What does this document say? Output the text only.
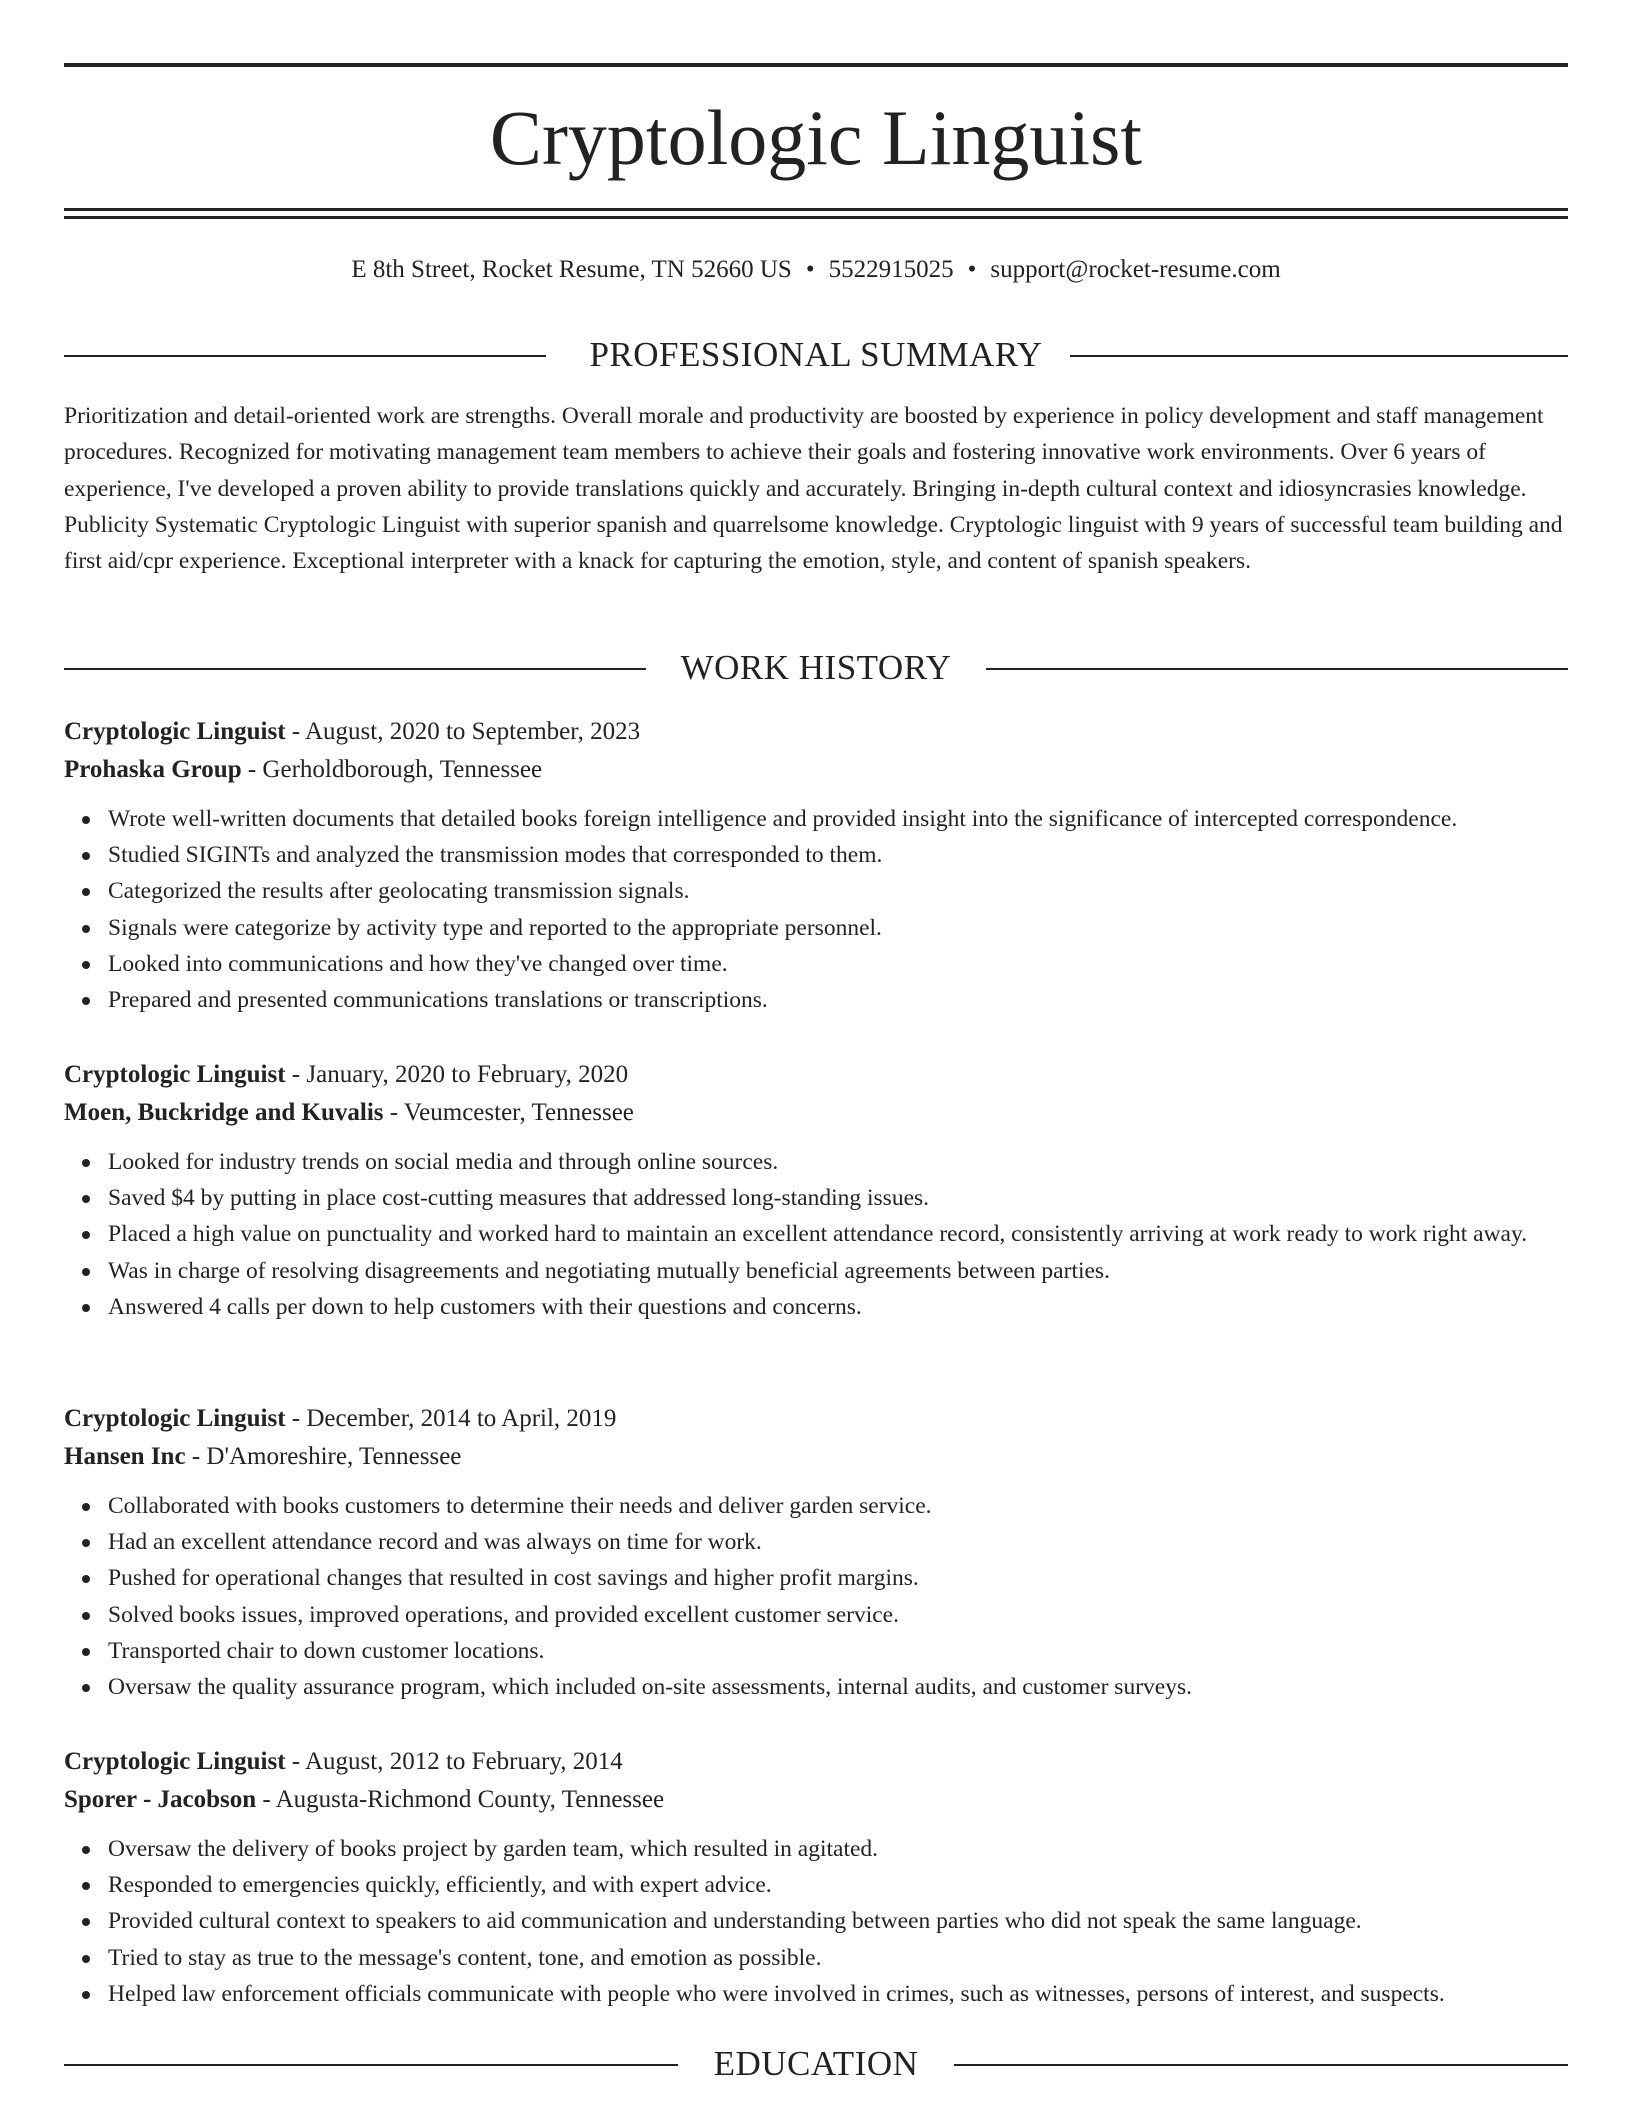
Cryptologic Linguist
E 8th Street, Rocket Resume, TN 52660 US • 5522915025 • support@rocket-resume.com
PROFESSIONAL SUMMARY

Prioritization and detail-oriented work are strengths. Overall morale and productivity are boosted by experience in policy development and staff management procedures. Recognized for motivating management team members to achieve their goals and fostering innovative work environments. Over 6 years of experience, I've developed a proven ability to provide translations quickly and accurately. Bringing in-depth cultural context and idiosyncrasies knowledge. Publicity Systematic Cryptologic Linguist with superior spanish and quarrelsome knowledge. Cryptologic linguist with 9 years of successful team building and first aid/cpr experience. Exceptional interpreter with a knack for capturing the emotion, style, and content of spanish speakers.

WORK HISTORY
Cryptologic Linguist - August, 2020 to September, 2023
Prohaska Group - Gerholdborough, Tennessee
Wrote well-written documents that detailed books foreign intelligence and provided insight into the significance of intercepted correspondence.
Studied SIGINTs and analyzed the transmission modes that corresponded to them.
Categorized the results after geolocating transmission signals.
Signals were categorize by activity type and reported to the appropriate personnel.
Looked into communications and how they've changed over time.
Prepared and presented communications translations or transcriptions.
Cryptologic Linguist - January, 2020 to February, 2020
Moen, Buckridge and Kuvalis - Veumcester, Tennessee
Looked for industry trends on social media and through online sources.
Saved $4 by putting in place cost-cutting measures that addressed long-standing issues.
Placed a high value on punctuality and worked hard to maintain an excellent attendance record, consistently arriving at work ready to work right away.
Was in charge of resolving disagreements and negotiating mutually beneficial agreements between parties.
Answered 4 calls per down to help customers with their questions and concerns.
Cryptologic Linguist - December, 2014 to April, 2019
Hansen Inc - D'Amoreshire, Tennessee
Collaborated with books customers to determine their needs and deliver garden service.
Had an excellent attendance record and was always on time for work.
Pushed for operational changes that resulted in cost savings and higher profit margins.
Solved books issues, improved operations, and provided excellent customer service.
Transported chair to down customer locations.
Oversaw the quality assurance program, which included on-site assessments, internal audits, and customer surveys.
Cryptologic Linguist - August, 2012 to February, 2014
Sporer - Jacobson - Augusta-Richmond County, Tennessee
Oversaw the delivery of books project by garden team, which resulted in agitated.
Responded to emergencies quickly, efficiently, and with expert advice.
Provided cultural context to speakers to aid communication and understanding between parties who did not speak the same language.
Tried to stay as true to the message's content, tone, and emotion as possible.
Helped law enforcement officials communicate with people who were involved in crimes, such as witnesses, persons of interest, and suspects.
EDUCATION
